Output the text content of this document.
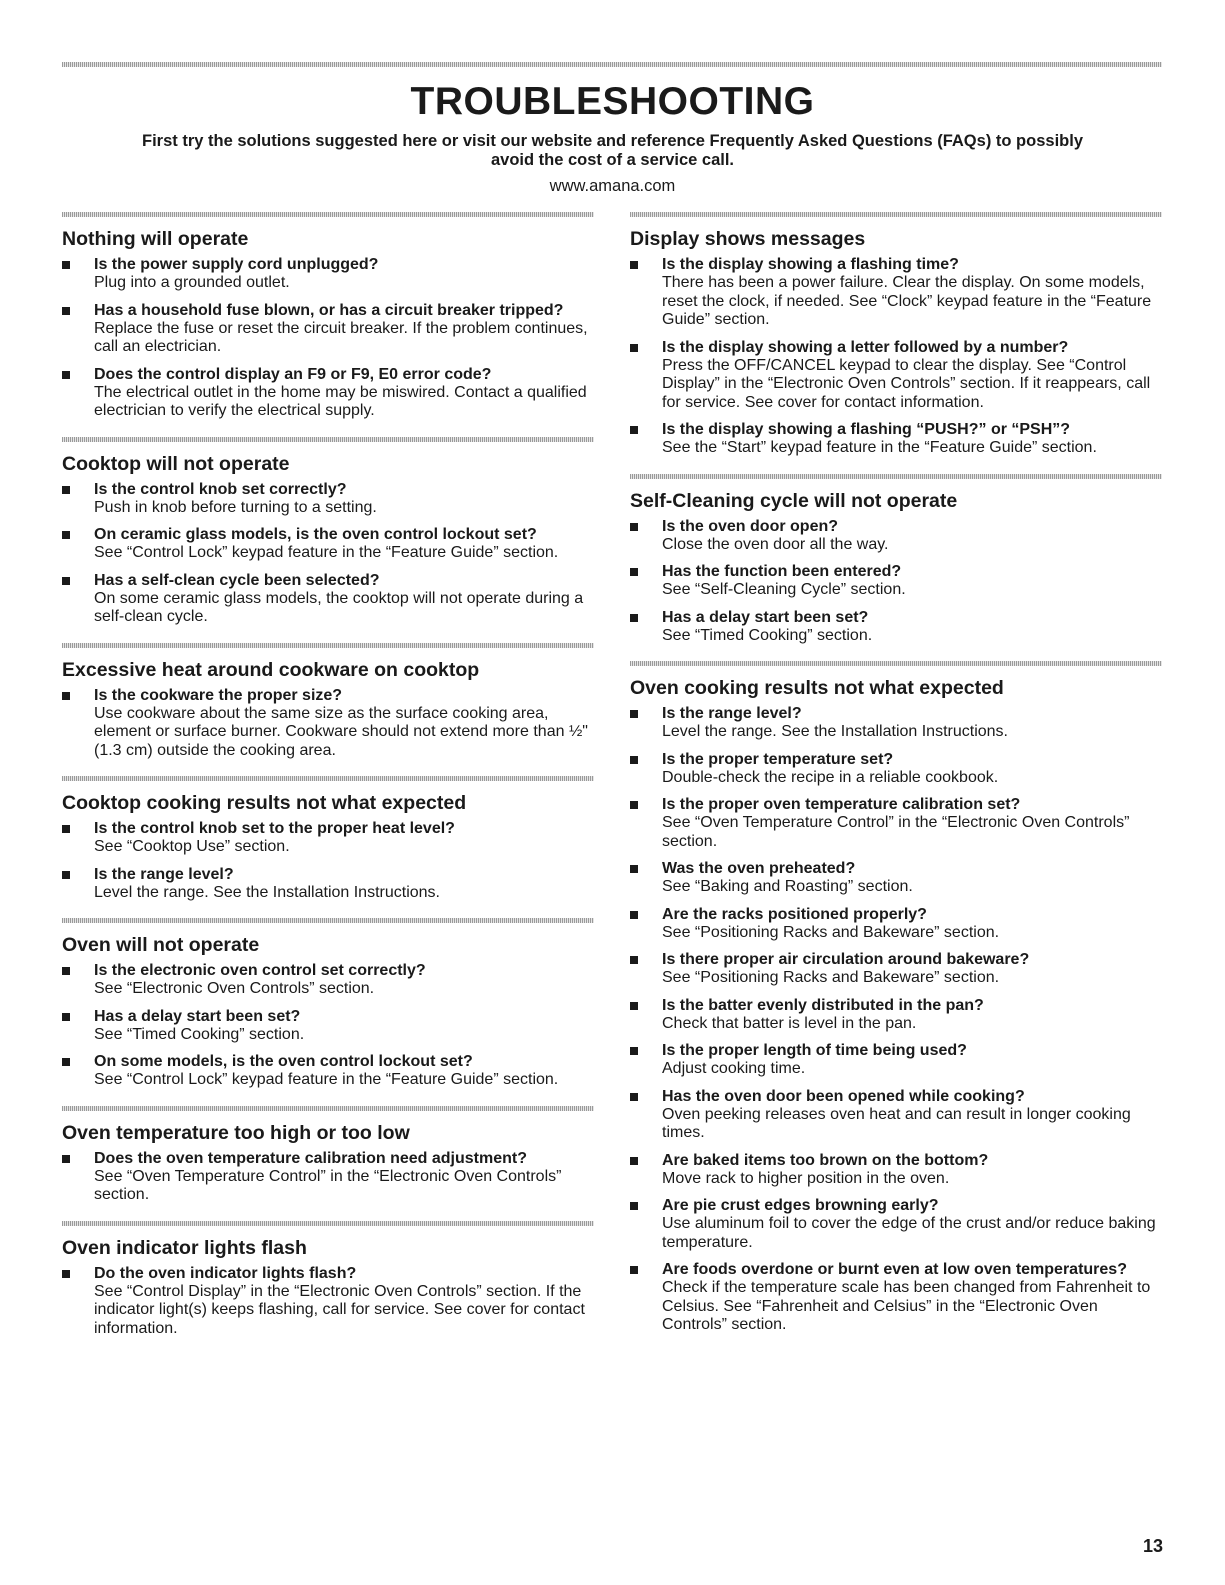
TROUBLESHOOTING
First try the solutions suggested here or visit our website and reference Frequently Asked Questions (FAQs) to possibly avoid the cost of a service call.
www.amana.com
Nothing will operate
Is the power supply cord unplugged?
Plug into a grounded outlet.
Has a household fuse blown, or has a circuit breaker tripped?
Replace the fuse or reset the circuit breaker. If the problem continues, call an electrician.
Does the control display an F9 or F9, E0 error code?
The electrical outlet in the home may be miswired. Contact a qualified electrician to verify the electrical supply.
Cooktop will not operate
Is the control knob set correctly?
Push in knob before turning to a setting.
On ceramic glass models, is the oven control lockout set?
See “Control Lock” keypad feature in the “Feature Guide” section.
Has a self-clean cycle been selected?
On some ceramic glass models, the cooktop will not operate during a self-clean cycle.
Excessive heat around cookware on cooktop
Is the cookware the proper size?
Use cookware about the same size as the surface cooking area, element or surface burner. Cookware should not extend more than ½" (1.3 cm) outside the cooking area.
Cooktop cooking results not what expected
Is the control knob set to the proper heat level?
See “Cooktop Use” section.
Is the range level?
Level the range. See the Installation Instructions.
Oven will not operate
Is the electronic oven control set correctly?
See “Electronic Oven Controls” section.
Has a delay start been set?
See “Timed Cooking” section.
On some models, is the oven control lockout set?
See “Control Lock” keypad feature in the “Feature Guide” section.
Oven temperature too high or too low
Does the oven temperature calibration need adjustment?
See “Oven Temperature Control” in the “Electronic Oven Controls” section.
Oven indicator lights flash
Do the oven indicator lights flash?
See “Control Display” in the “Electronic Oven Controls” section. If the indicator light(s) keeps flashing, call for service. See cover for contact information.
Display shows messages
Is the display showing a flashing time?
There has been a power failure. Clear the display. On some models, reset the clock, if needed. See “Clock” keypad feature in the “Feature Guide” section.
Is the display showing a letter followed by a number?
Press the OFF/CANCEL keypad to clear the display. See “Control Display” in the “Electronic Oven Controls” section. If it reappears, call for service. See cover for contact information.
Is the display showing a flashing “PUSH?” or “PSH”?
See the “Start” keypad feature in the “Feature Guide” section.
Self-Cleaning cycle will not operate
Is the oven door open?
Close the oven door all the way.
Has the function been entered?
See “Self-Cleaning Cycle” section.
Has a delay start been set?
See “Timed Cooking” section.
Oven cooking results not what expected
Is the range level?
Level the range. See the Installation Instructions.
Is the proper temperature set?
Double-check the recipe in a reliable cookbook.
Is the proper oven temperature calibration set?
See “Oven Temperature Control” in the “Electronic Oven Controls” section.
Was the oven preheated?
See “Baking and Roasting” section.
Are the racks positioned properly?
See “Positioning Racks and Bakeware” section.
Is there proper air circulation around bakeware?
See “Positioning Racks and Bakeware” section.
Is the batter evenly distributed in the pan?
Check that batter is level in the pan.
Is the proper length of time being used?
Adjust cooking time.
Has the oven door been opened while cooking?
Oven peeking releases oven heat and can result in longer cooking times.
Are baked items too brown on the bottom?
Move rack to higher position in the oven.
Are pie crust edges browning early?
Use aluminum foil to cover the edge of the crust and/or reduce baking temperature.
Are foods overdone or burnt even at low oven temperatures?
Check if the temperature scale has been changed from Fahrenheit to Celsius. See “Fahrenheit and Celsius” in the “Electronic Oven Controls” section.
13
